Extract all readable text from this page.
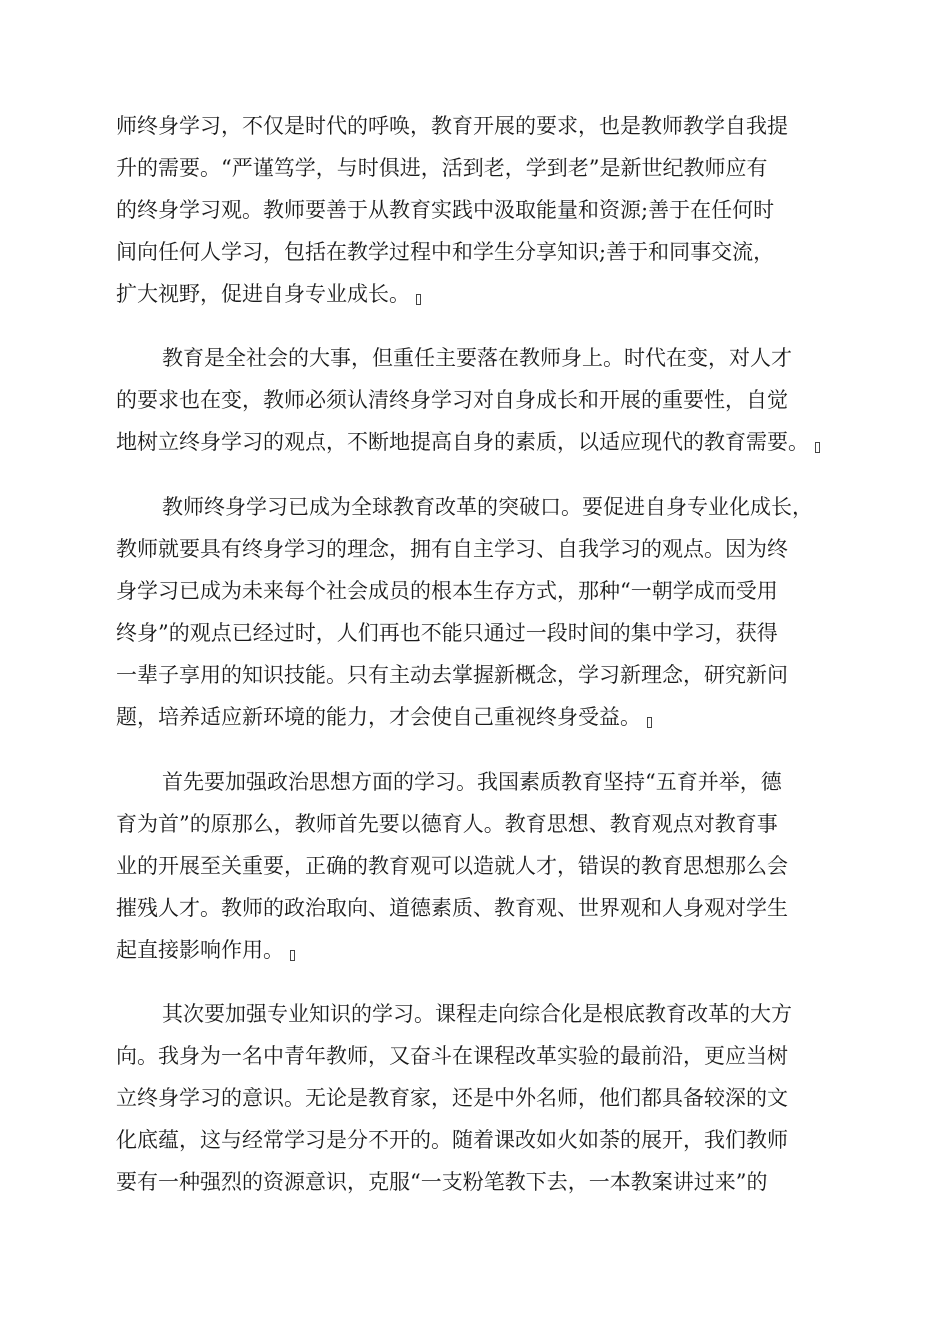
师终身学习，不仅是时代的呼唤，教育开展的要求，也是教师教学自我提
升的需要。“严谨笃学，与时俱进，活到老，学到老”是新世纪教师应有
的终身学习观。教师要善于从教育实践中汲取能量和资源;善于在任何时
间向任何人学习，包括在教学过程中和学生分享知识;善于和同事交流，
扩大视野，促进自身专业成长。
教育是全社会的大事，但重任主要落在教师身上。时代在变，对人才
的要求也在变，教师必须认清终身学习对自身成长和开展的重要性，自觉
地树立终身学习的观点，不断地提高自身的素质，以适应现代的教育需要。
教师终身学习已成为全球教育改革的突破口。要促进自身专业化成长，
教师就要具有终身学习的理念，拥有自主学习、自我学习的观点。因为终
身学习已成为未来每个社会成员的根本生存方式，那种“一朝学成而受用
终身”的观点已经过时，人们再也不能只通过一段时间的集中学习，获得
一辈子享用的知识技能。只有主动去掌握新概念，学习新理念，研究新问
题，培养适应新环境的能力，才会使自己重视终身受益。
首先要加强政治思想方面的学习。我国素质教育坚持“五育并举，德
育为首”的原那么，教师首先要以德育人。教育思想、教育观点对教育事
业的开展至关重要，正确的教育观可以造就人才，错误的教育思想那么会
摧残人才。教师的政治取向、道德素质、教育观、世界观和人身观对学生
起直接影响作用。
其次要加强专业知识的学习。课程走向综合化是根底教育改革的大方
向。我身为一名中青年教师，又奋斗在课程改革实验的最前沿，更应当树
立终身学习的意识。无论是教育家，还是中外名师，他们都具备较深的文
化底蕴，这与经常学习是分不开的。随着课改如火如荼的展开，我们教师
要有一种强烈的资源意识，克服“一支粉笔教下去，一本教案讲过来”的
